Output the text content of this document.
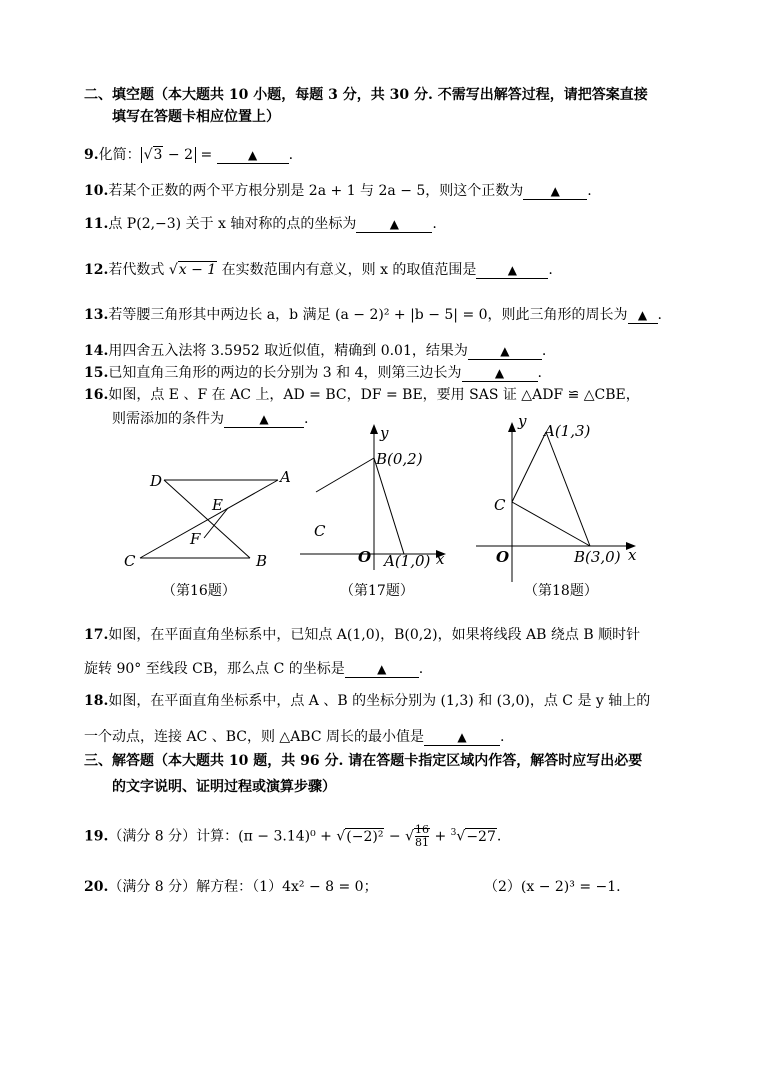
二、填空题（本大题共 10 小题，每题 3 分，共 30 分. 不需写出解答过程，请把答案直接
填写在答题卡相应位置上）
9.化简： √3 − 2 =	▲ .
10.若某个正数的两个平方根分别是 2a + 1 与 2a − 5，则这个正数为 ▲ .
11.点 P(2,−3) 关于 x 轴对称的点的坐标为	▲ .
12.若代数式 √x − 1 在实数范围内有意义，则 x 的取值范围是	▲ .
13.若等腰三角形其中两边长 a，b 满足 (a − 2)² + |b − 5| = 0，则此三角形的周长为 ▲ .
14.用四舍五入法将 3.5952 取近似值，精确到 0.01，结果为	▲ .
15.已知直角三角形的两边的长分别为 3 和 4，则第三边长为	▲ .
16.如图，点 E 、F 在 AC 上，AD = BC，DF = BE，要用 SAS 证 △ADF ≌ △CBE，
则需添加的条件为	▲	.
D	A
E
F
C	B
y
x
O
B(0,2)
A(1,0)
C
y
x
O
A(1,3)
B(3,0)
C
（第16题）	（第17题）	（第18题）
17.如图，在平面直角坐标系中，已知点 A(1,0)，B(0,2)，如果将线段 AB 绕点 B 顺时针
旋转 90° 至线段 CB，那么点 C 的坐标是	▲ .
18.如图，在平面直角坐标系中，点 A 、B 的坐标分别为 (1,3) 和 (3,0)，点 C 是 y 轴上的
一个动点，连接 AC 、BC，则 △ABC 周长的最小值是	▲ .
三、解答题（本大题共 10 题，共 96 分. 请在答题卡指定区域内作答，解答时应写出必要
的文字说明、证明过程或演算步骤）
19.（满分 8 分）计算：(π − 3.14)⁰ + √(−2)² − √ $\frac{16}{81} + ^3√-27$.
20.（满分 8 分）解方程：（1）4x² − 8 = 0；	（2）(x − 2)³ = −1.
